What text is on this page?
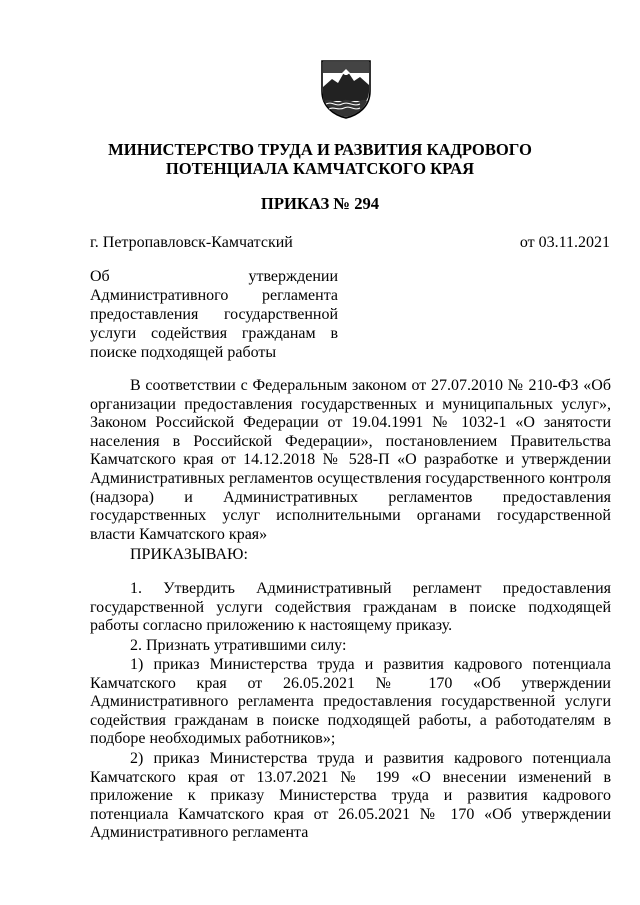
МИНИСТЕРСТВО ТРУДА И РАЗВИТИЯ КАДРОВОГО
ПОТЕНЦИАЛА КАМЧАТСКОГО КРАЯ
ПРИКАЗ № 294
г. Петропавловск-Камчатский	от 03.11.2021
Об утверждении Административного регламента предоставления государственной услуги содействия гражданам в поиске подходящей работы
В соответствии с Федеральным законом от 27.07.2010 № 210-ФЗ «Об организации предоставления государственных и муниципальных услуг», Законом Российской Федерации от 19.04.1991 № 1032-1 «О занятости населения в Российской Федерации», постановлением Правительства Камчатского края от 14.12.2018 № 528-П «О разработке и утверждении Административных регламентов осуществления государственного контроля (надзора) и Административных регламентов предоставления государственных услуг исполнительными органами государственной власти Камчатского края»
ПРИКАЗЫВАЮ:
1. Утвердить Административный регламент предоставления государственной услуги содействия гражданам в поиске подходящей работы согласно приложению к настоящему приказу.
2. Признать утратившими силу:
1) приказ Министерства труда и развития кадрового потенциала Камчатского края от 26.05.2021 № 170 «Об утверждении Административного регламента предоставления государственной услуги содействия гражданам в поиске подходящей работы, а работодателям в подборе необходимых работников»;
2) приказ Министерства труда и развития кадрового потенциала Камчатского края от 13.07.2021 № 199 «О внесении изменений в приложение к приказу Министерства труда и развития кадрового потенциала Камчатского края от 26.05.2021 № 170 «Об утверждении Административного регламента
